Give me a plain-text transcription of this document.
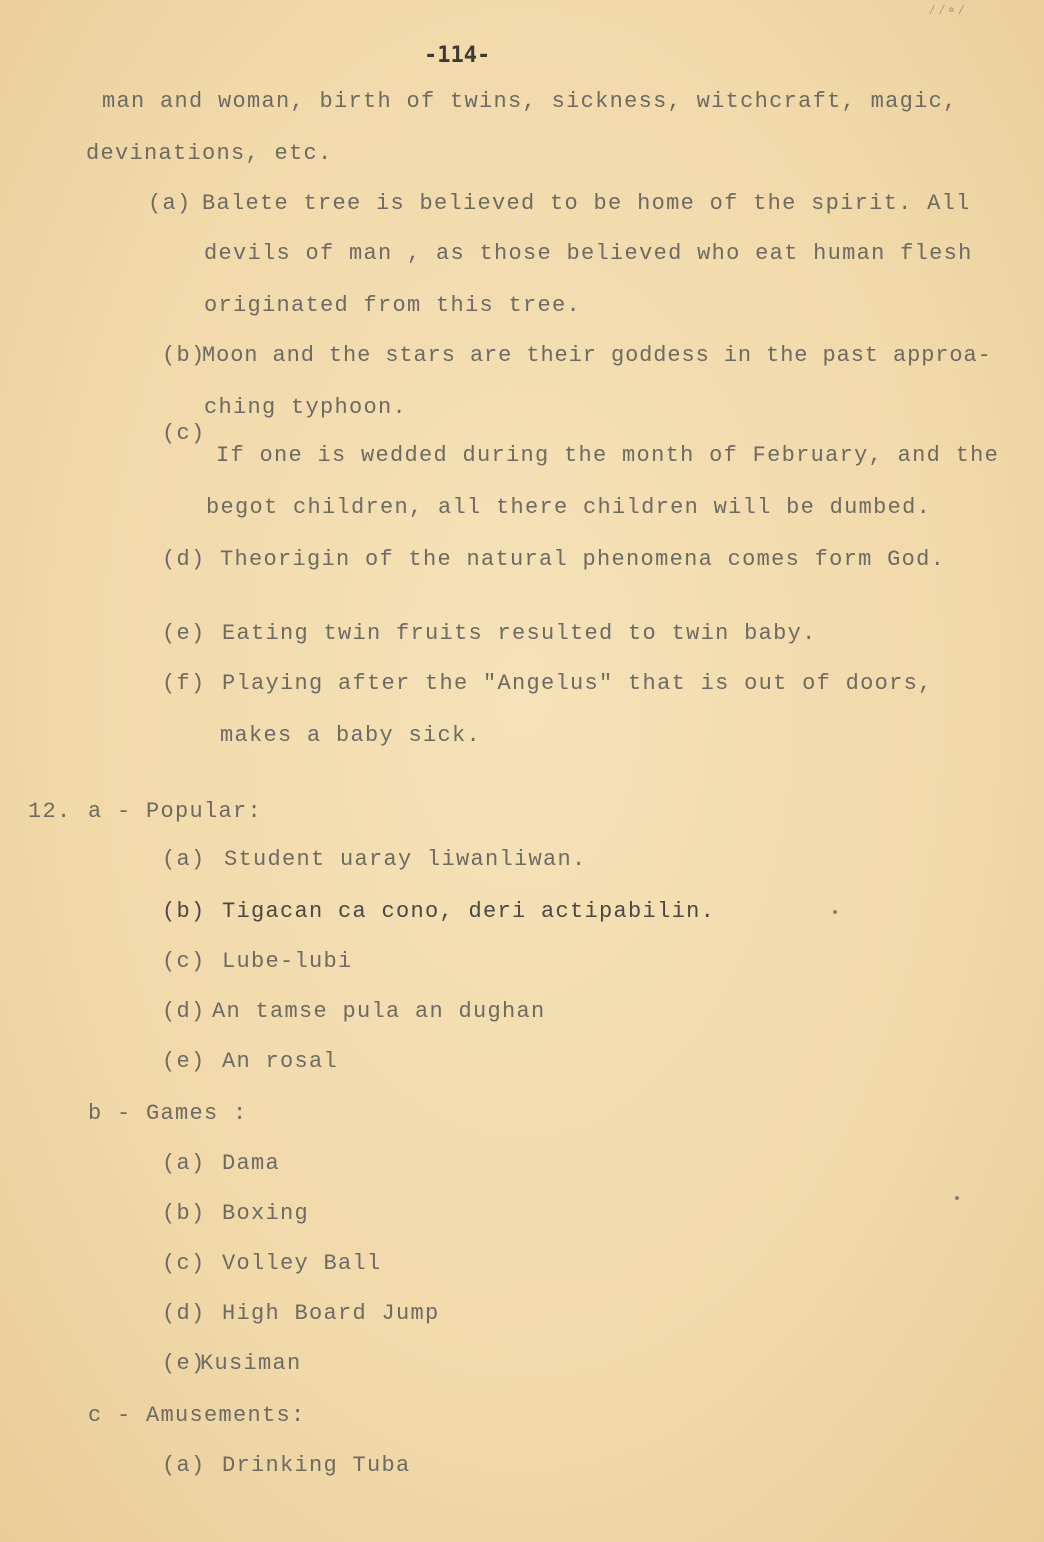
∕∕∘∕
-114-
man and woman, birth of twins, sickness, witchcraft, magic,
devinations, etc.
(a) Balete tree is believed to be home of the spirit. All
devils of man , as those believed who eat human flesh
originated from this tree.
(b)
Moon and the stars are their goddess in the past approa-
ching typhoon.
(c)
If one is wedded during the month of February, and the
begot children, all there children will be dumbed.
(d) Theorigin of the natural phenomena comes form God.
(e) Eating twin fruits resulted to twin baby.
(f) Playing after the "Angelus" that is out of doors,
makes a baby sick.
12. a - Popular:
(a) Student uaray liwanliwan.
(b) Tigacan ca cono, deri actipabilin.
(c) Lube-lubi
(d) An tamse pula an dughan
(e) An rosal
b - Games :
(a) Dama
(b) Boxing
(c) Volley Ball
(d) High Board Jump
(e)
Kusiman
c - Amusements:
(a) Drinking Tuba
